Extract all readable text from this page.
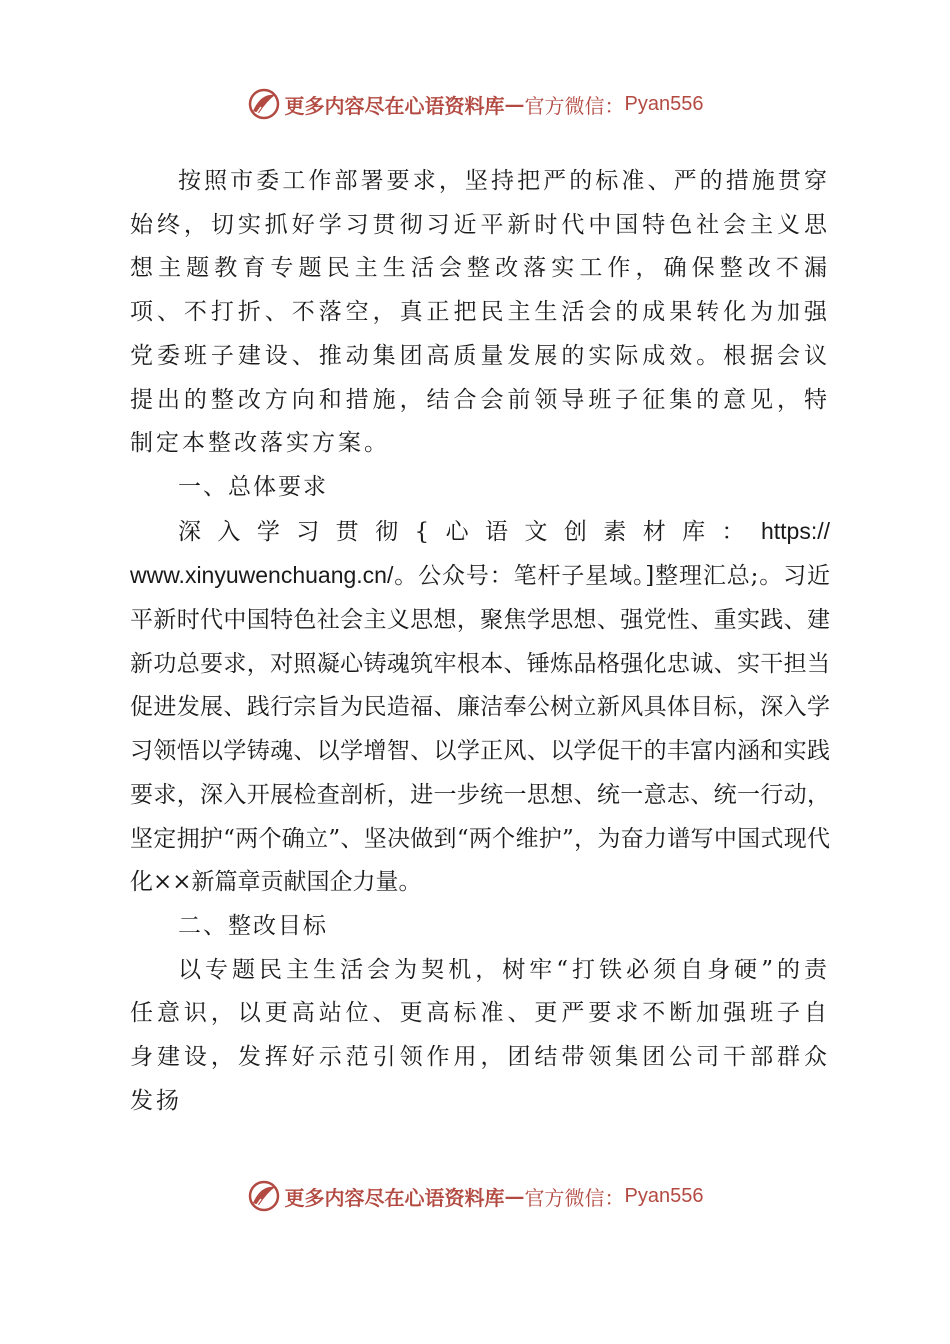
更多内容尽在心语资料库 — 官方微信： Pyan556

按照市委工作部署要求，坚持把严的标准、严的措施贯穿始终，切实抓好学习贯彻习近平新时代中国特色社会主义思想主题教育专题民主生活会整改落实工作，确保整改不漏项、不打折、不落空，真正把民主生活会的成果转化为加强党委班子建设、推动集团高质量发展的实际成效。根据会议提出的整改方向和措施，结合会前领导班子征集的意见，特制定本整改落实方案。

一、总体要求

深入学习贯彻{心语文创素材库：https://www.xinyuwenchuang.cn/。公众号：笔杆子星域。]整理汇总;。习近平新时代中国特色社会主义思想，聚焦学思想、强党性、重实践、建新功总要求，对照凝心铸魂筑牢根本、锤炼品格强化忠诚、实干担当促进发展、践行宗旨为民造福、廉洁奉公树立新风具体目标，深入学习领悟以学铸魂、以学增智、以学正风、以学促干的丰富内涵和实践要求，深入开展检查剖析，进一步统一思想、统一意志、统一行动，坚定拥护“两个确立”、坚决做到“两个维护”，为奋力谱写中国式现代化××新篇章贡献国企力量。

二、整改目标

以专题民主生活会为契机，树牢“打铁必须自身硬”的责任意识，以更高站位、更高标准、更严要求不断加强班子自身建设，发挥好示范引领作用，团结带领集团公司干部群众发扬

更多内容尽在心语资料库 — 官方微信： Pyan556
